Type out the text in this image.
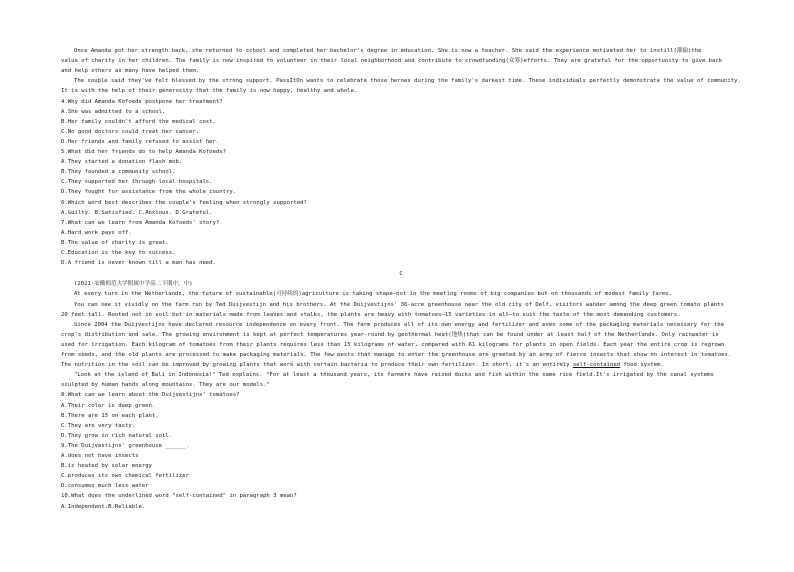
Once Amanda got her strength back, she returned to school and completed her bachelor's degree in education. She is now a teacher. She said the experience motivated her to instill(灌输)the
value of charity in her children. The family is now inspired to volunteer in their local neighborhood and contribute to crowdfunding(众筹)efforts. They are grateful for the opportunity to give back
and help others as many have helped them.
The couple said they've felt blessed by the strong support. PassItOn wants to celebrate those heroes during the family's darkest time. These individuals perfectly demonstrate the value of community.
It is with the help of their generosity that the family is now happy, healthy and whole.
4.Why did Amanda Kofoeds postpone her treatment?
A.She was admitted to a school.
B.Her family couldn't afford the medical cost.
C.No good doctors could treat her cancer.
D.Her friends and family refused to assist her.
5.What did her friends do to help Amanda Kofoeds?
A.They started a donation flash mob.
B.They founded a community school.
C.They supported her through local hospitals.
D.They fought for assistance from the whole country.
6.Which word best describes the couple's feeling when strongly supported?
A.Guilty. B.Satisfied. C.Anxious. D.Grateful.
7.What can we learn from Amanda Kofoeds' story?
A.Hard work pays off.
B.The value of charity is great.
C.Education is the key to success.
D.A friend is never known till a man has need.
C
(2021·安徽师范大学附属中学高二下期中，中)
At every turn in the Netherlands, the future of sustainable(可持续的)agriculture is taking shape—not in the meeting rooms of big companies but on thousands of modest family farms.
You can see it vividly on the farm run by Ted Duijvestijn and his brothers. At the Duijvestijns' 36-acre greenhouse near the old city of Delf, visitors wander among the deep green tomato plants
20 feet tall. Rooted not in soil but in materials made from leaves and stalks, the plants are heavy with tomatoes—15 varieties in all—to suit the taste of the most demanding customers.
Since 2004 the Duijvestijns have declared resource independence on every front. The farm produces all of its own energy and fertilizer and even some of the packaging materials necessary for the
crop's distribution and sale. The growing environment is kept at perfect temperatures year-round by geothermal heat(地热)that can be found under at least half of the Netherlands. Only rainwater is
used for irrigation. Each kilogram of tomatoes from their plants requires less than 15 kilograms of water, compared with 61 kilograms for plants in open fields. Each year the entire crop is regrown
from seeds, and the old plants are processed to make packaging materials. The few pests that manage to enter the greenhouse are greeted by an army of fierce insects that show no interest in tomatoes.
The nutrition in the soil can be improved by growing plants that work with certain bacteria to produce their own fertilizer. In short, it's an entirely self-contained food system.
"Look at the island of Bali in Indonesia!" Ted explains. "For at least a thousand years, its farmers have raised ducks and fish within the same rice field.It's irrigated by the canal systems
sculpted by human hands along mountains. They are our models."
8.What can we learn about the Duijvestijns' tomatoes?
A.Their color is deep green.
B.There are 15 on each plant.
C.They are very tasty.
D.They grow in rich natural soil.
9.The Duijvestijns' greenhouse ______.
A.does not have insects
B.is heated by solar energy
C.produces its own chemical fertilizer
D.consumes much less water
10.What does the underlined word "self-contained" in paragraph 3 mean?
A.Independent.B.Reliable.
